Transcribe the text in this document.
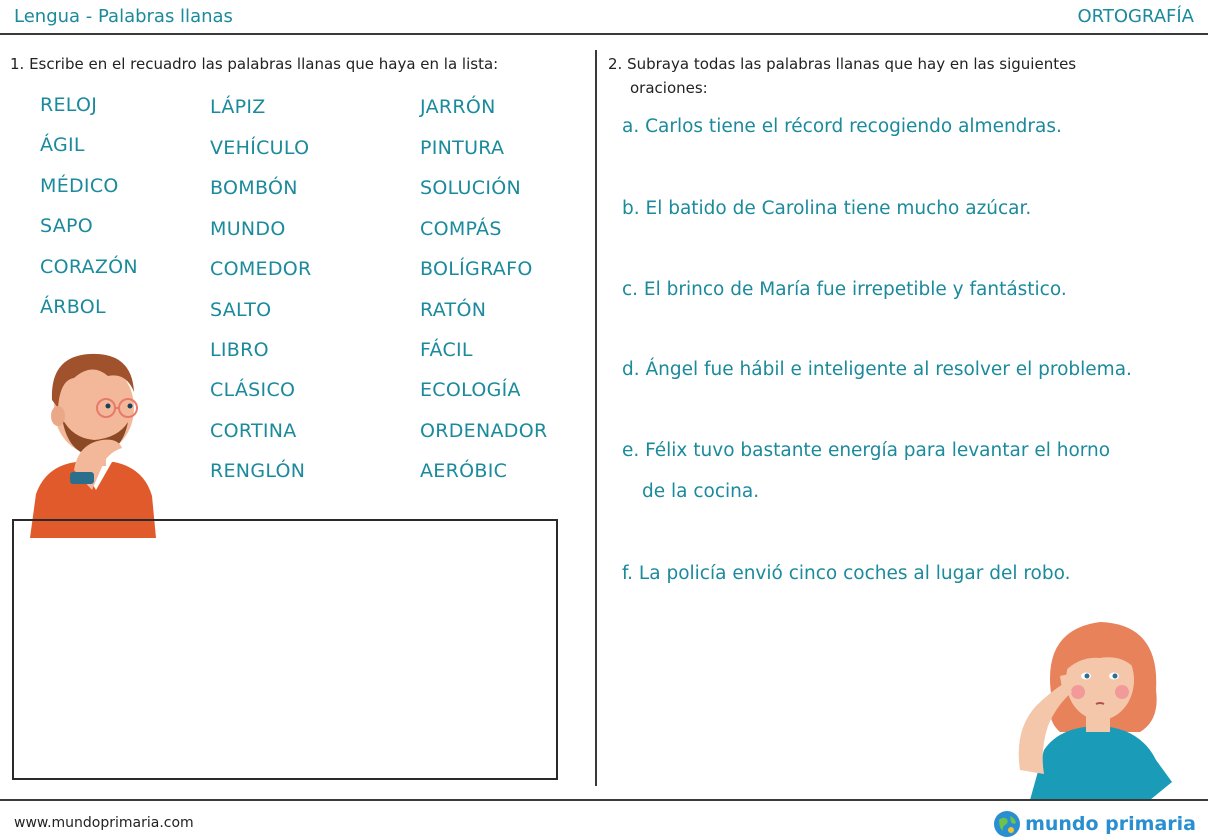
Lengua - Palabras llanas	ORTOGRAFÍA
1. Escribe en el recuadro las palabras llanas que haya en la lista:
RELOJ
ÁGIL
MÉDICO
SAPO
CORAZÓN
ÁRBOL
LÁPIZ
VEHÍCULO
BOMBÓN
MUNDO
COMEDOR
SALTO
LIBRO
CLÁSICO
CORTINA
RENGLÓN
JARRÓN
PINTURA
SOLUCIÓN
COMPÁS
BOLÍGRAFO
RATÓN
FÁCIL
ECOLOGÍA
ORDENADOR
AERÓBIC
2. Subraya todas las palabras llanas que hay en las siguientes
oraciones:
a. Carlos tiene el récord recogiendo almendras.
b. El batido de Carolina tiene mucho azúcar.
c. El brinco de María fue irrepetible y fantástico.
d. Ángel fue hábil e inteligente al resolver el problema.
e. Félix tuvo bastante energía para levantar el horno
de la cocina.
f. La policía envió cinco coches al lugar del robo.
www.mundoprimaria.com	mundo primaria
